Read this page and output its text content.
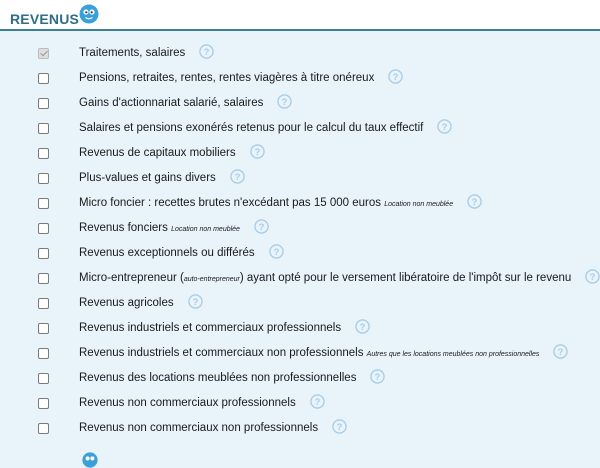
REVENUS
Traitements, salaires ?
Pensions, retraites, rentes, rentes viagères à titre onéreux ?
Gains d'actionnariat salarié, salaires ?
Salaires et pensions exonérés retenus pour le calcul du taux effectif ?
Revenus de capitaux mobiliers ?
Plus-values et gains divers ?
Micro foncier : recettes brutes n'excédant pas 15 000 euros Location non meublée ?
Revenus fonciers Location non meublée ?
Revenus exceptionnels ou différés ?
Micro-entrepreneur (auto-entrepreneur) ayant opté pour le versement libératoire de l'impôt sur le revenu ?
Revenus agricoles ?
Revenus industriels et commerciaux professionnels ?
Revenus industriels et commerciaux non professionnels Autres que les locations meublées non professionnelles ?
Revenus des locations meublées non professionnelles ?
Revenus non commerciaux professionnels ?
Revenus non commerciaux non professionnels ?
